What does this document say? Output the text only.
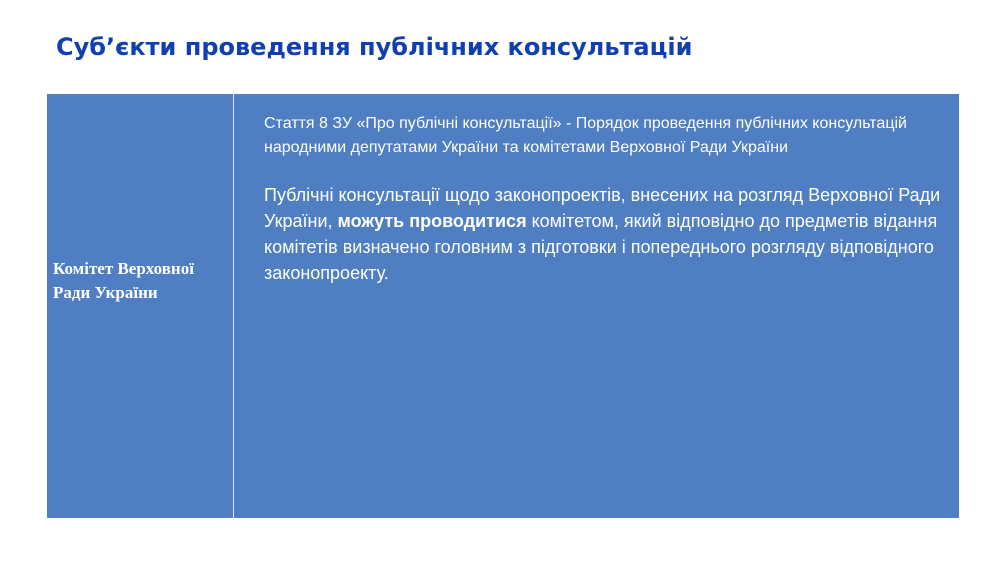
Суб’єкти проведення публічних консультацій
Комітет Верховної Ради України

Стаття 8 ЗУ «Про публічні консультації» - Порядок проведення публічних консультацій народними депутатами України та комітетами Верховної Ради України

Публічні консультації щодо законопроектів, внесених на розгляд Верховної Ради України, можуть проводитися комітетом, який відповідно до предметів відання комітетів визначено головним з підготовки і попереднього розгляду відповідного законопроекту.
